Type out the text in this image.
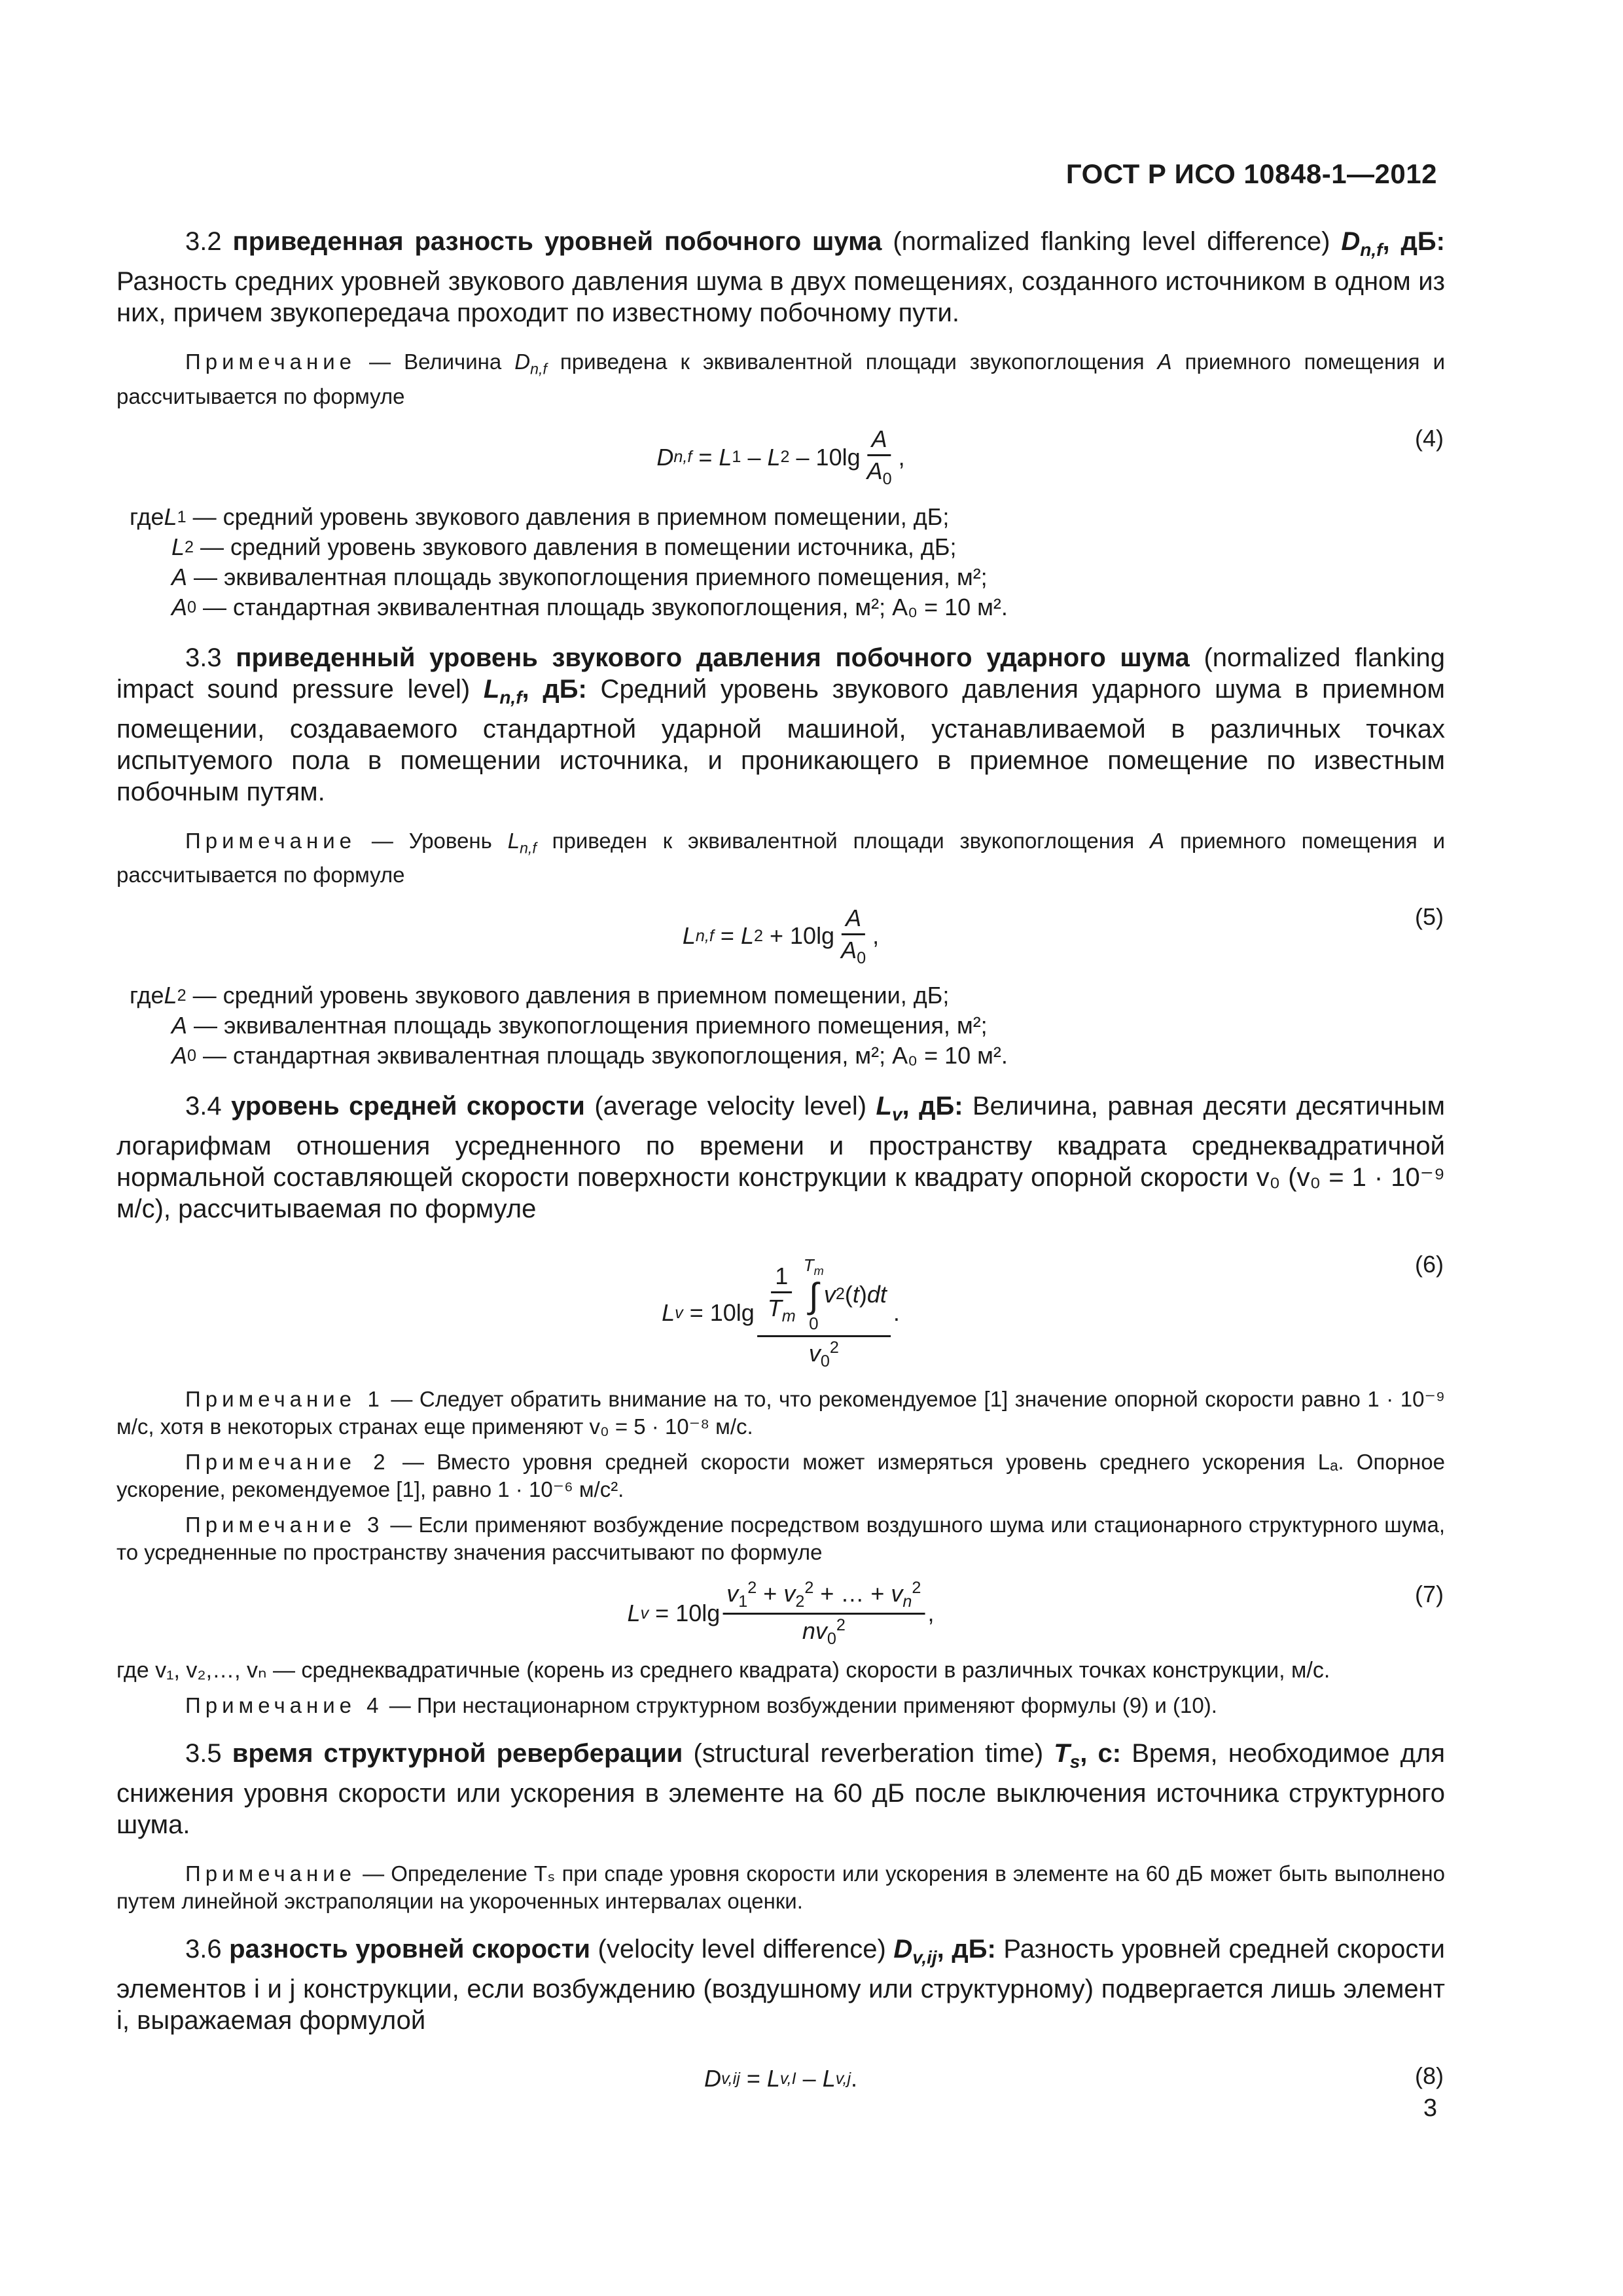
ГОСТ Р ИСО 10848-1—2012

3.2 приведенная разность уровней побочного шума (normalized flanking level difference) $D_{n,f}$, дБ: Разность средних уровней звукового давления шума в двух помещениях, созданного источником в одном из них, причем звукопередача проходит по известному побочному пути.

Примечание — Величина $D_{n,f}$ приведена к эквивалентной площади звукопоглощения A приемного помещения и рассчитывается по формуле

D n,f = L 1 – L $2 - 10\lg \frac{A}{A_0}$ ,
(4)
где L 1 — средний уровень звукового давления в приемном помещении, дБ;
L 2 — средний уровень звукового давления в помещении источника, дБ;
A — эквивалентная площадь звукопоглощения приемного помещения, м²;
A 0 — стандартная эквивалентная площадь звукопоглощения, м²; A₀ = 10 м².

3.3 приведенный уровень звукового давления побочного ударного шума (normalized flanking impact sound pressure level) $L_{n,f}$, дБ: Средний уровень звукового давления ударного шума в приемном помещении, создаваемого стандартной ударной машиной, устанавливаемой в различных точках испытуемого пола в помещении источника, и проникающего в приемное помещение по известным побочным путям.

Примечание — Уровень $L_{n,f}$ приведен к эквивалентной площади звукопоглощения A приемного помещения и рассчитывается по формуле

L n,f = L $2 + 10\lg \frac{A}{A_0}$ ,
(5)
где L 2 — средний уровень звукового давления в приемном помещении, дБ;
A — эквивалентная площадь звукопоглощения приемного помещения, м²;
A 0 — стандартная эквивалентная площадь звукопоглощения, м²; A₀ = 10 м².

3.4 уровень средней скорости (average velocity level) $L_v$, дБ: Величина, равная десяти десятичным логарифмам отношения усредненного по времени и пространству квадрата среднеквадратичной нормальной составляющей скорости поверхности конструкции к квадрату опорной скорости v₀ (v₀ = 1 · 10⁻⁹ м/с), рассчитываемая по формуле

L $v = 10\lg \frac{1}{T_m} T_m$
∫
0
v 2 ( t ) dt
$v_0^2$
.
(6)

Примечание 1 — Следует обратить внимание на то, что рекомендуемое [1] значение опорной скорости равно 1 · 10⁻⁹ м/с, хотя в некоторых странах еще применяют v₀ = 5 · 10⁻⁸ м/с.

Примечание 2 — Вместо уровня средней скорости может измеряться уровень среднего ускорения Lₐ. Опорное ускорение, рекомендуемое [1], равно 1 · 10⁻⁶ м/с².

Примечание 3 — Если применяют возбуждение посредством воздушного шума или стационарного структурного шума, то усредненные по пространству значения рассчитывают по формуле

L $v = 10\lg \frac{v_1^2 + v_2^2 + \dots + v_n^2}{nv_0^2}$ ,
(7)

где v₁, v₂,…, vₙ — среднеквадратичные (корень из среднего квадрата) скорости в различных точках конструкции, м/с.

Примечание 4 — При нестационарном структурном возбуждении применяют формулы (9) и (10).

3.5 время структурной реверберации (structural reverberation time) $T_s$, с: Время, необходимое для снижения уровня скорости или ускорения в элементе на 60 дБ после выключения источника структурного шума.

Примечание — Определение Tₛ при спаде уровня скорости или ускорения в элементе на 60 дБ может быть выполнено путем линейной экстраполяции на укороченных интервалах оценки.

3.6 разность уровней скорости (velocity level difference) $D_{v,ij}$, дБ: Разность уровней средней скорости элементов i и j конструкции, если возбуждению (воздушному или структурному) подвергается лишь элемент i, выражаемая формулой

D v,ij = L v,I – L v,j .	(8)
3
